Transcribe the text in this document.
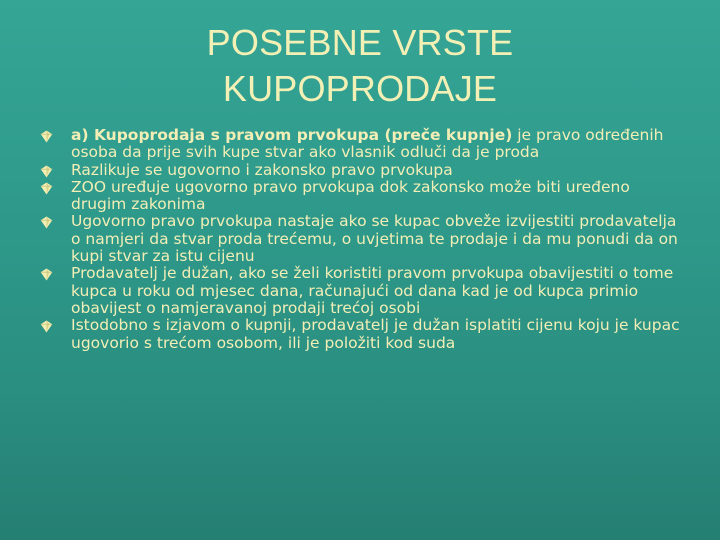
POSEBNE VRSTE
KUPOPRODAJE
a) Kupoprodaja s pravom prvokupa (preče kupnje) je pravo određenih osoba da prije svih kupe stvar ako vlasnik odluči da je proda
Razlikuje se ugovorno i zakonsko pravo prvokupa
ZOO uređuje ugovorno pravo prvokupa dok zakonsko može biti uređeno drugim zakonima
Ugovorno pravo prvokupa nastaje ako se kupac obveže izvijestiti prodavatelja o namjeri da stvar proda trećemu, o uvjetima te prodaje i da mu ponudi da on kupi stvar za istu cijenu
Prodavatelj je dužan, ako se želi koristiti pravom prvokupa obavijestiti o tome kupca u roku od mjesec dana, računajući od dana kad je od kupca primio obavijest o namjeravanoj prodaji trećoj osobi
Istodobno s izjavom o kupnji, prodavatelj je dužan isplatiti cijenu koju je kupac ugovorio s trećom osobom, ili je položiti kod suda
